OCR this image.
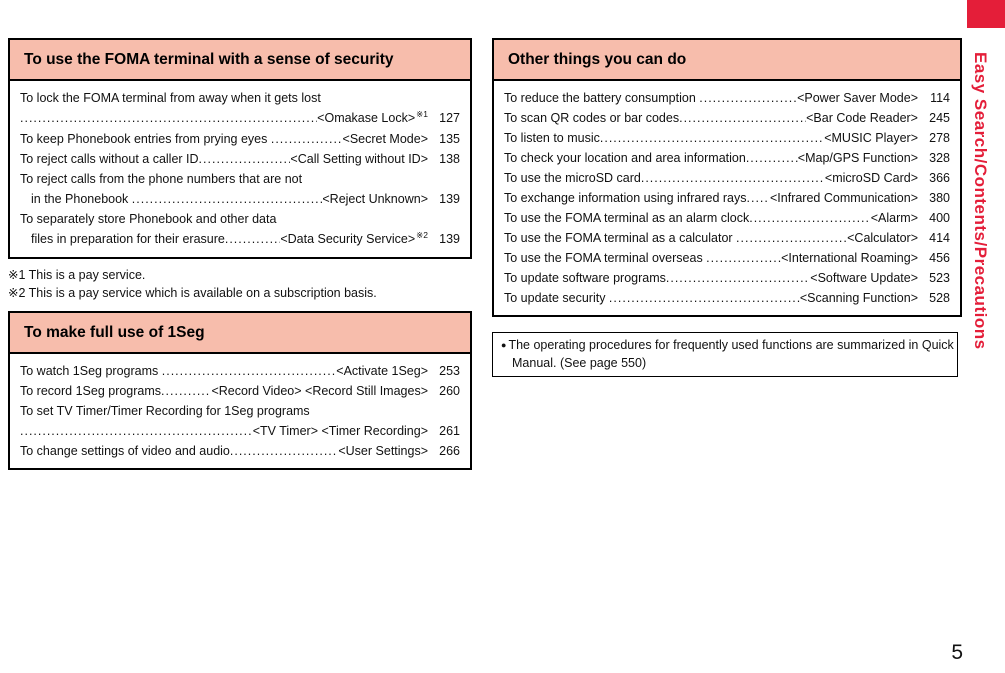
To use the FOMA terminal with a sense of security
To lock the FOMA terminal from away when it gets lost
.....
<Omakase Lock> ※1 127
To keep Phonebook entries from prying eyes .....	<Secret Mode> 135
To reject calls without a caller ID .....	<Call Setting without ID> 138
To reject calls from the phone numbers that are not
in the Phonebook .....	<Reject Unknown> 139
To separately store Phonebook and other data
files in preparation for their erasure .....	<Data Security Service> ※2 139
※1 This is a pay service.
※2 This is a pay service which is available on a subscription basis.
To make full use of 1Seg
To watch 1Seg programs .....	<Activate 1Seg> 253
To record 1Seg programs .....	<Record Video> <Record Still Images> 260
To set TV Timer/Timer Recording for 1Seg programs
.....
<TV Timer> <Timer Recording> 261
To change settings of video and audio .....	<User Settings> 266
Other things you can do
To reduce the battery consumption .....	<Power Saver Mode> 114
To scan QR codes or bar codes .....	<Bar Code Reader> 245
To listen to music .....	<MUSIC Player> 278
To check your location and area information .....	<Map/GPS Function> 328
To use the microSD card .....	<microSD Card> 366
To exchange information using infrared rays ..... <Infrared Communication> 380
To use the FOMA terminal as an alarm clock .....	<Alarm> 400
To use the FOMA terminal as a calculator .....	<Calculator> 414
To use the FOMA terminal overseas .....	<International Roaming> 456
To update software programs .....	<Software Update> 523
To update security .....	<Scanning Function> 528
● The operating procedures for frequently used functions are summarized in Quick
Manual. (See page 550)
Easy Search/Contents/Precautions
5
